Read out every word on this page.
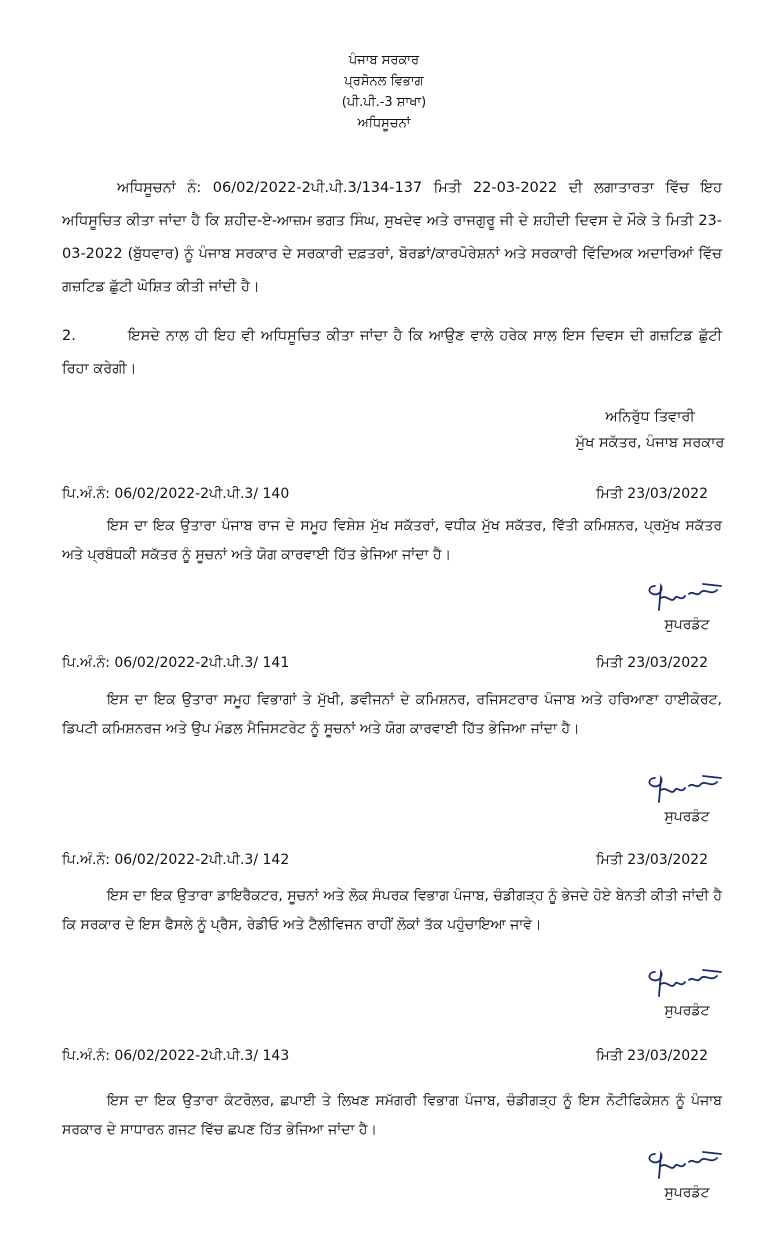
ਪੰਜਾਬ ਸਰਕਾਰ
ਪ੍ਰਸੋਨਲ ਵਿਭਾਗ
(ਪੀ.ਪੀ.-3 ਸ਼ਾਖਾ)
ਅਧਿਸੂਚਨਾਂ
ਅਧਿਸੂਚਨਾਂ ਨੰ: 06/02/2022-2ਪੀ.ਪੀ.3/134-137 ਮਿਤੀ 22-03-2022 ਦੀ ਲਗਾਤਾਰਤਾ ਵਿੱਚ ਇਹ ਅਧਿਸੂਚਿਤ ਕੀਤਾ ਜਾਂਦਾ ਹੈ ਕਿ ਸ਼ਹੀਦ-ਏ-ਆਜ਼ਮ ਭਗਤ ਸਿੰਘ, ਸੁਖਦੇਵ ਅਤੇ ਰਾਜਗੁਰੂ ਜੀ ਦੇ ਸ਼ਹੀਦੀ ਦਿਵਸ ਦੇ ਮੌਕੇ ਤੇ ਮਿਤੀ 23-03-2022 (ਬੁੱਧਵਾਰ) ਨੂੰ ਪੰਜਾਬ ਸਰਕਾਰ ਦੇ ਸਰਕਾਰੀ ਦਫ਼ਤਰਾਂ, ਬੋਰਡਾਂ/ਕਾਰਪੋਰੇਸ਼ਨਾਂ ਅਤੇ ਸਰਕਾਰੀ ਵਿੱਦਿਅਕ ਅਦਾਰਿਆਂ ਵਿੱਚ ਗਜ਼ਟਿਡ ਛੁੱਟੀ ਘੋਸ਼ਿਤ ਕੀਤੀ ਜਾਂਦੀ ਹੈ।
2.	ਇਸਦੇ ਨਾਲ ਹੀ ਇਹ ਵੀ ਅਧਿਸੂਚਿਤ ਕੀਤਾ ਜਾਂਦਾ ਹੈ ਕਿ ਆਉਣ ਵਾਲੇ ਹਰੇਕ ਸਾਲ ਇਸ ਦਿਵਸ ਦੀ ਗਜ਼ਟਿਡ ਛੁੱਟੀ ਰਿਹਾ ਕਰੇਗੀ।
ਅਨਿਰੁੱਧ ਤਿਵਾਰੀ
ਮੁੱਖ ਸਕੱਤਰ, ਪੰਜਾਬ ਸਰਕਾਰ
ਪਿ.ਅੰ.ਨੰ: 06/02/2022-2ਪੀ.ਪੀ.3/ 140	ਮਿਤੀ 23/03/2022
ਇਸ ਦਾ ਇਕ ਉਤਾਰਾ ਪੰਜਾਬ ਰਾਜ ਦੇ ਸਮੂਹ ਵਿਸ਼ੇਸ਼ ਮੁੱਖ ਸਕੱਤਰਾਂ, ਵਧੀਕ ਮੁੱਖ ਸਕੱਤਰ, ਵਿੱਤੀ ਕਮਿਸ਼ਨਰ, ਪ੍ਰਮੁੱਖ ਸਕੱਤਰ ਅਤੇ ਪ੍ਰਬੰਧਕੀ ਸਕੱਤਰ ਨੂੰ ਸੂਚਨਾਂ ਅਤੇ ਯੋਗ ਕਾਰਵਾਈ ਹਿੱਤ ਭੇਜਿਆ ਜਾਂਦਾ ਹੈ।
ਸੁਪਰਡੰਟ
ਪਿ.ਅੰ.ਨੰ: 06/02/2022-2ਪੀ.ਪੀ.3/ 141	ਮਿਤੀ 23/03/2022
ਇਸ ਦਾ ਇਕ ਉਤਾਰਾ ਸਮੂਹ ਵਿਭਾਗਾਂ ਤੇ ਮੁੱਖੀ, ਡਵੀਜਨਾਂ ਦੇ ਕਮਿਸ਼ਨਰ, ਰਜਿਸਟਰਾਰ ਪੰਜਾਬ ਅਤੇ ਹਰਿਆਣਾ ਹਾਈਕੋਰਟ, ਡਿਪਟੀ ਕਮਿਸ਼ਨਰਜ ਅਤੇ ਉਪ ਮੰਡਲ ਮੈਜਿਸਟਰੇਟ ਨੂੰ ਸੂਚਨਾਂ ਅਤੇ ਯੋਗ ਕਾਰਵਾਈ ਹਿੱਤ ਭੇਜਿਆ ਜਾਂਦਾ ਹੈ।
ਸੁਪਰਡੰਟ
ਪਿ.ਅੰ.ਨੰ: 06/02/2022-2ਪੀ.ਪੀ.3/ 142	ਮਿਤੀ 23/03/2022
ਇਸ ਦਾ ਇਕ ਉਤਾਰਾ ਡਾਇਰੈਕਟਰ, ਸੂਚਨਾਂ ਅਤੇ ਲੋਕ ਸੰਪਰਕ ਵਿਭਾਗ ਪੰਜਾਬ, ਚੰਡੀਗੜ੍ਹ ਨੂੰ ਭੇਜਦੇ ਹੋਏ ਬੇਨਤੀ ਕੀਤੀ ਜਾਂਦੀ ਹੈ ਕਿ ਸਰਕਾਰ ਦੇ ਇਸ ਫੈਸਲੇ ਨੂੰ ਪ੍ਰੈਸ, ਰੇਡੀਓ ਅਤੇ ਟੈਲੀਵਿਜਨ ਰਾਹੀਂ ਲੋਕਾਂ ਤੱਕ ਪਹੁੰਚਾਇਆ ਜਾਵੇ।
ਸੁਪਰਡੰਟ
ਪਿ.ਅੰ.ਨੰ: 06/02/2022-2ਪੀ.ਪੀ.3/ 143	ਮਿਤੀ 23/03/2022
ਇਸ ਦਾ ਇਕ ਉਤਾਰਾ ਕੰਟਰੋਲਰ, ਛਪਾਈ ਤੇ ਲਿਖਣ ਸਮੱਗਰੀ ਵਿਭਾਗ ਪੰਜਾਬ, ਚੰਡੀਗੜ੍ਹ ਨੂੰ ਇਸ ਨੋਟੀਫਿਕੇਸ਼ਨ ਨੂੰ ਪੰਜਾਬ ਸਰਕਾਰ ਦੇ ਸਾਧਾਰਨ ਗਜਟ ਵਿੱਚ ਛਪਣ ਹਿੱਤ ਭੇਜਿਆ ਜਾਂਦਾ ਹੈ।
ਸੁਪਰਡੰਟ
